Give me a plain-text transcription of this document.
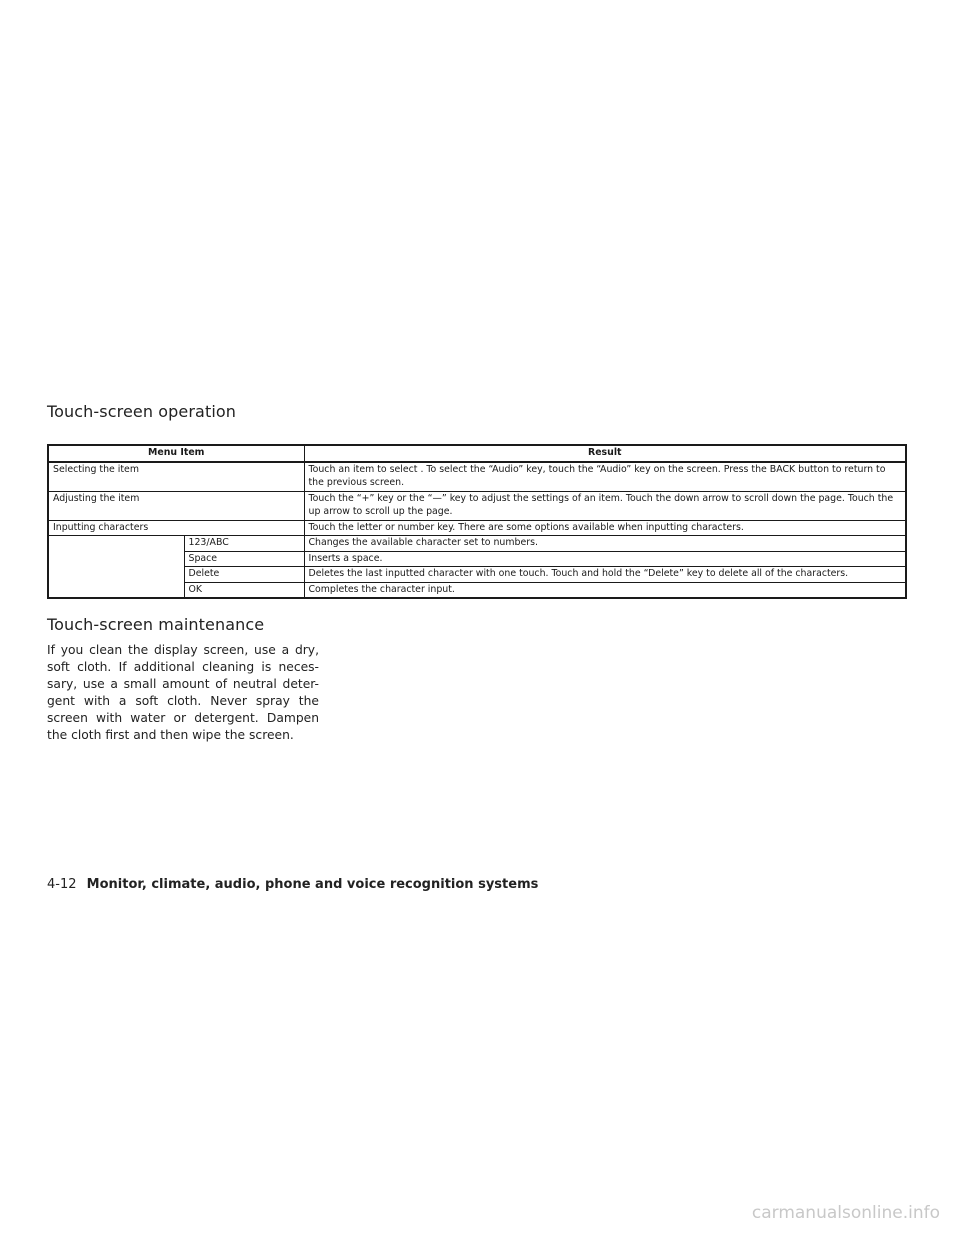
Touch-screen operation
Menu Item		Result
Selecting the item		Touch an item to select . To select the “Audio” key, touch the “Audio” key on the screen. Press the BACK button to return to the previous screen.
Adjusting the item		Touch the “+” key or the “—” key to adjust the settings of an item. Touch the down arrow to scroll down the page. Touch the up arrow to scroll up the page.
Inputting characters		Touch the letter or number key. There are some options available when inputting characters.
	123/ABC	Changes the available character set to numbers.
	Space	Inserts a space.
	Delete	Deletes the last inputted character with one touch. Touch and hold the “Delete” key to delete all of the characters.
	OK	Completes the character input.
Touch-screen maintenance

If you clean the display screen, use a dry, soft cloth. If additional cleaning is neces-sary, use a small amount of neutral deter-gent with a soft cloth. Never spray the screen with water or detergent. Dampen the cloth first and then wipe the screen.

4-12 Monitor, climate, audio, phone and voice recognition systems
carmanualsonline.info
